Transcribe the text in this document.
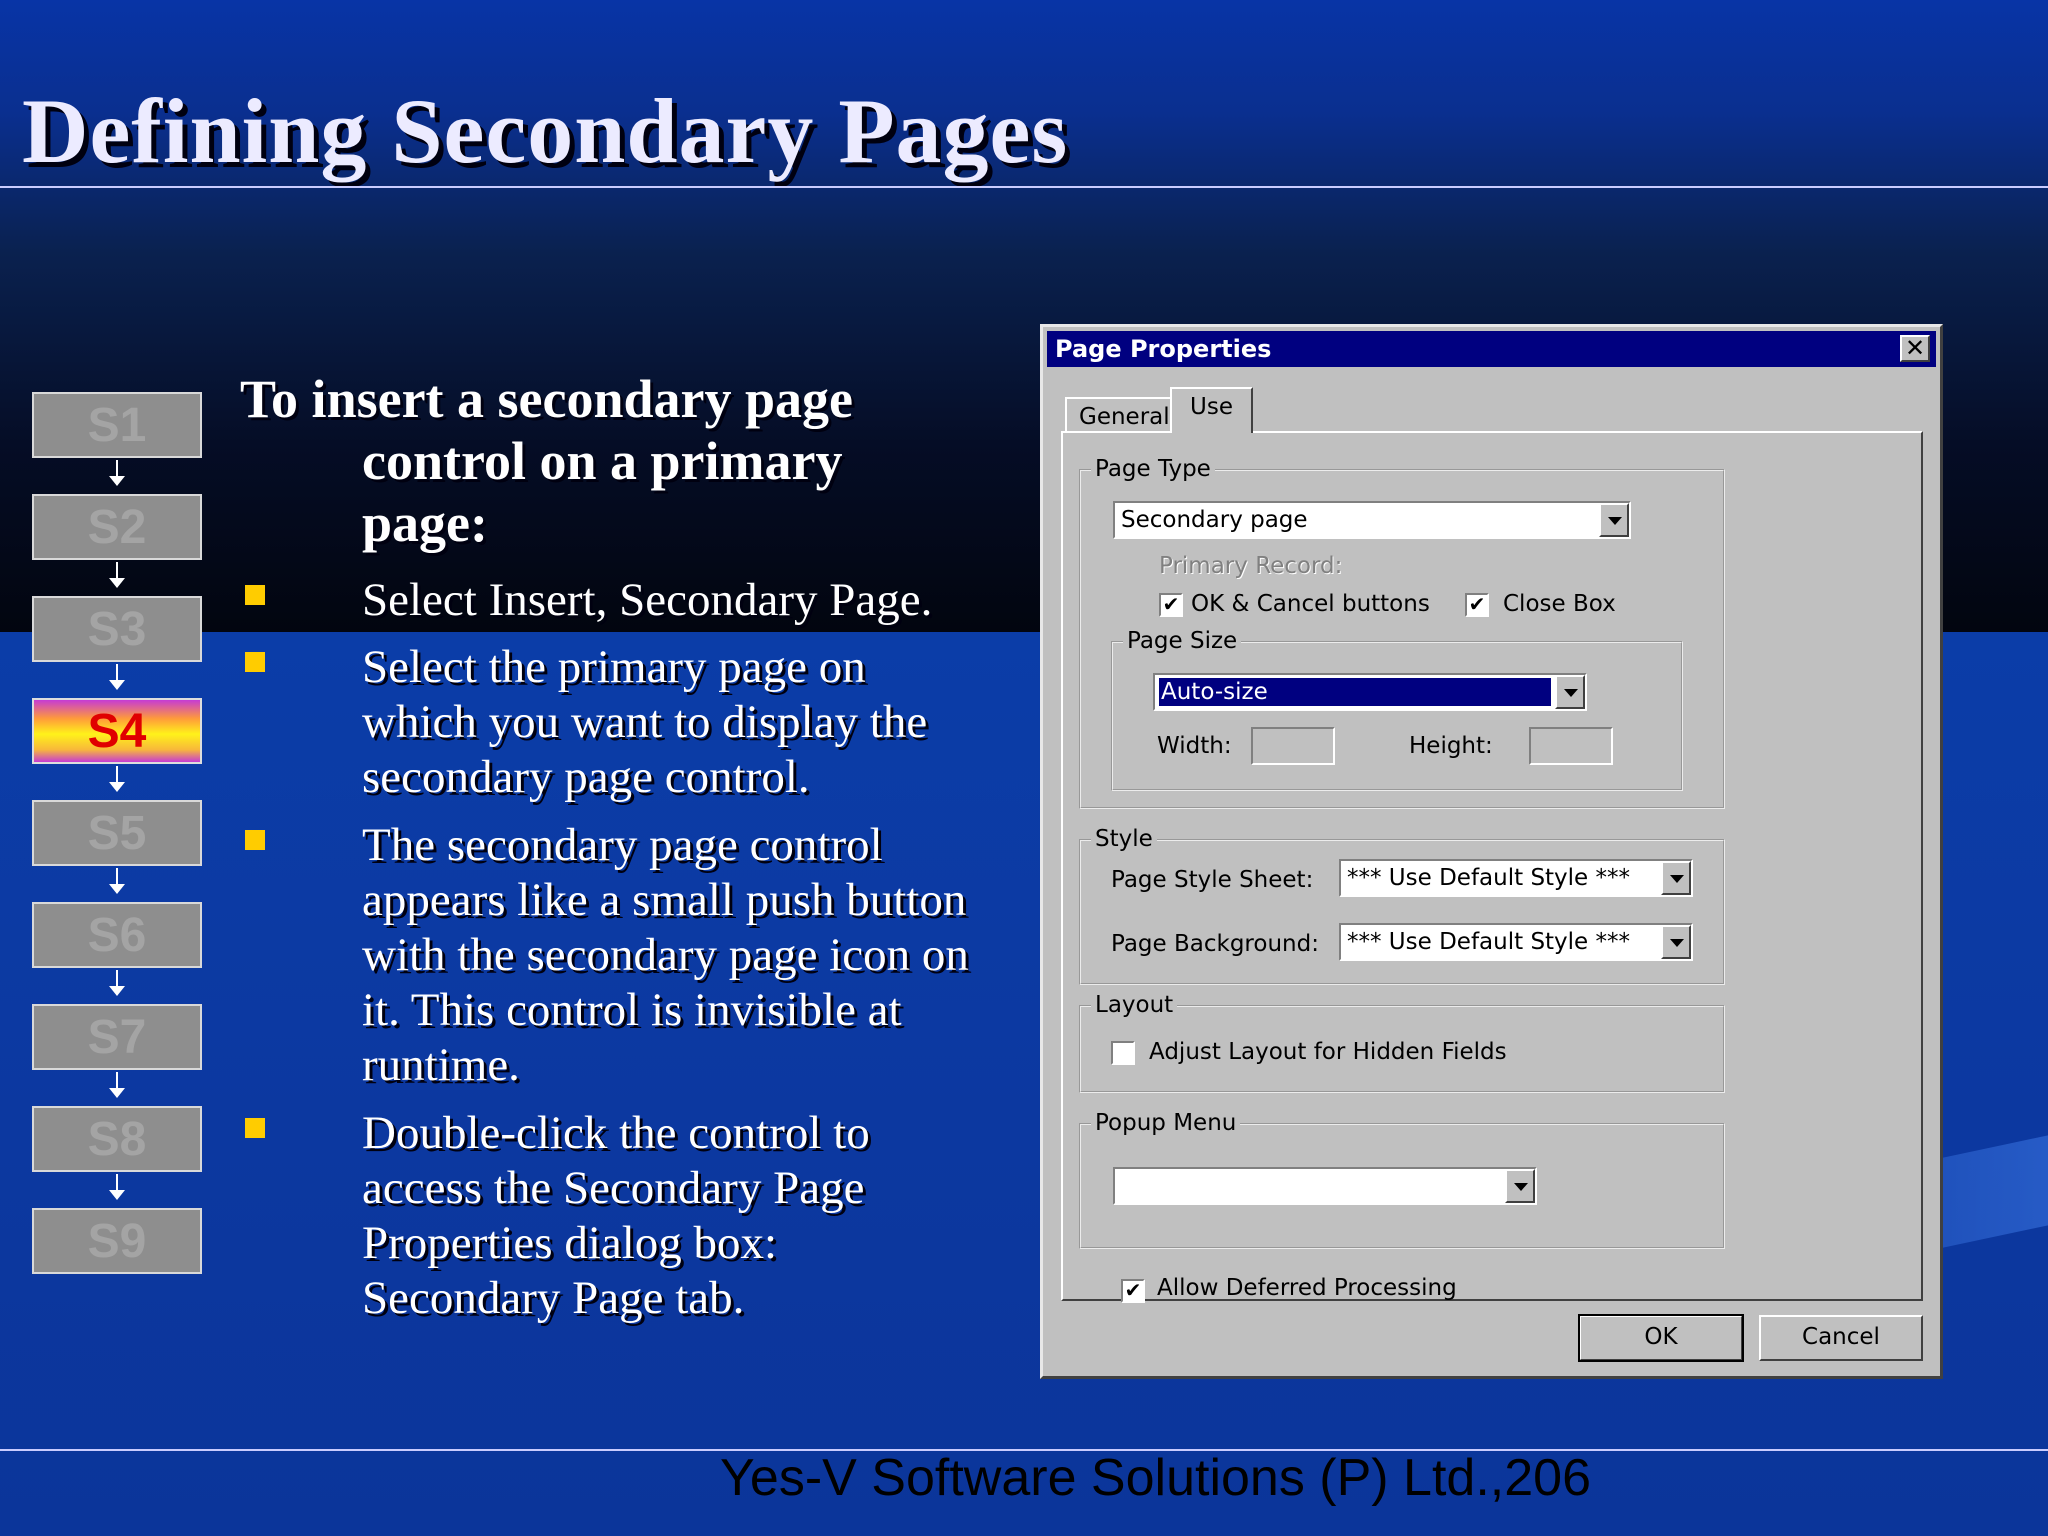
Defining Secondary Pages
S1
S2
S3
S4
S5
S6
S7
S8
S9
To insert a secondary page
control on a primary
page:
Select Insert, Secondary Page.
Select the primary page on which you want to display the secondary page control.
The secondary page control appears like a small push button with the secondary page icon on it. This control is invisible at runtime.
Double-click the control to access the Secondary Page Properties dialog box: Secondary Page tab.
Page Properties	✕
General Use
Page Type
Secondary page
Primary Record:
✔ OK & Cancel buttons ✔ Close Box
Page Size
Auto-size
Width:	Height:
Style
Page Style Sheet: *** Use Default Style ***
Page Background: *** Use Default Style ***
Layout
Adjust Layout for Hidden Fields
Popup Menu
✔ Allow Deferred Processing
OK	Cancel
Yes-V Software Solutions (P) Ltd.,206
